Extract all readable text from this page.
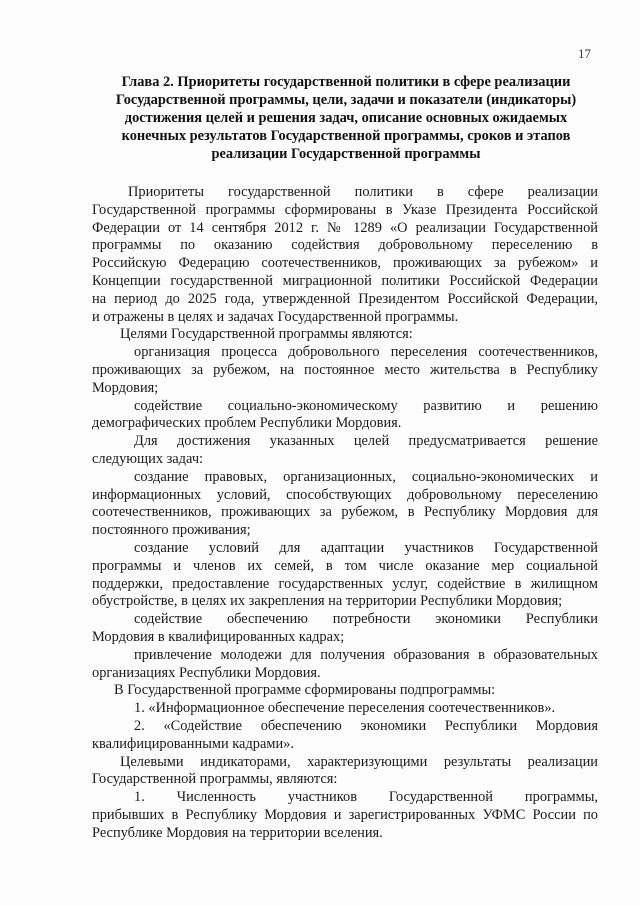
17
Глава 2. Приоритеты государственной политики в сфере реализации
Государственной программы, цели, задачи и показатели (индикаторы)
достижения целей и решения задач, описание основных ожидаемых
конечных результатов Государственной программы, сроков и этапов
реализации Государственной программы
Приоритеты государственной политики в сфере реализации
Государственной программы сформированы в Указе Президента Российской
Федерации от 14 сентября 2012 г. № 1289 «О реализации Государственной
программы по оказанию содействия добровольному переселению в
Российскую Федерацию соотечественников, проживающих за рубежом» и
Концепции государственной миграционной политики Российской Федерации
на период до 2025 года, утвержденной Президентом Российской Федерации,
и отражены в целях и задачах Государственной программы.
Целями Государственной программы являются:
организация процесса добровольного переселения соотечественников,
проживающих за рубежом, на постоянное место жительства в Республику
Мордовия;
содействие социально-экономическому развитию и решению
демографических проблем Республики Мордовия.
Для достижения указанных целей предусматривается решение
следующих задач:
создание правовых, организационных, социально-экономических и
информационных условий, способствующих добровольному переселению
соотечественников, проживающих за рубежом, в Республику Мордовия для
постоянного проживания;
создание условий для адаптации участников Государственной
программы и членов их семей, в том числе оказание мер социальной
поддержки, предоставление государственных услуг, содействие в жилищном
обустройстве, в целях их закрепления на территории Республики Мордовия;
содействие обеспечению потребности экономики Республики
Мордовия в квалифицированных кадрах;
привлечение молодежи для получения образования в образовательных
организациях Республики Мордовия.
В Государственной программе сформированы подпрограммы:
1. «Информационное обеспечение переселения соотечественников».
2. «Содействие обеспечению экономики Республики Мордовия
квалифицированными кадрами».
Целевыми индикаторами, характеризующими результаты реализации
Государственной программы, являются:
1. Численность участников Государственной программы,
прибывших в Республику Мордовия и зарегистрированных УФМС России по
Республике Мордовия на территории вселения.
